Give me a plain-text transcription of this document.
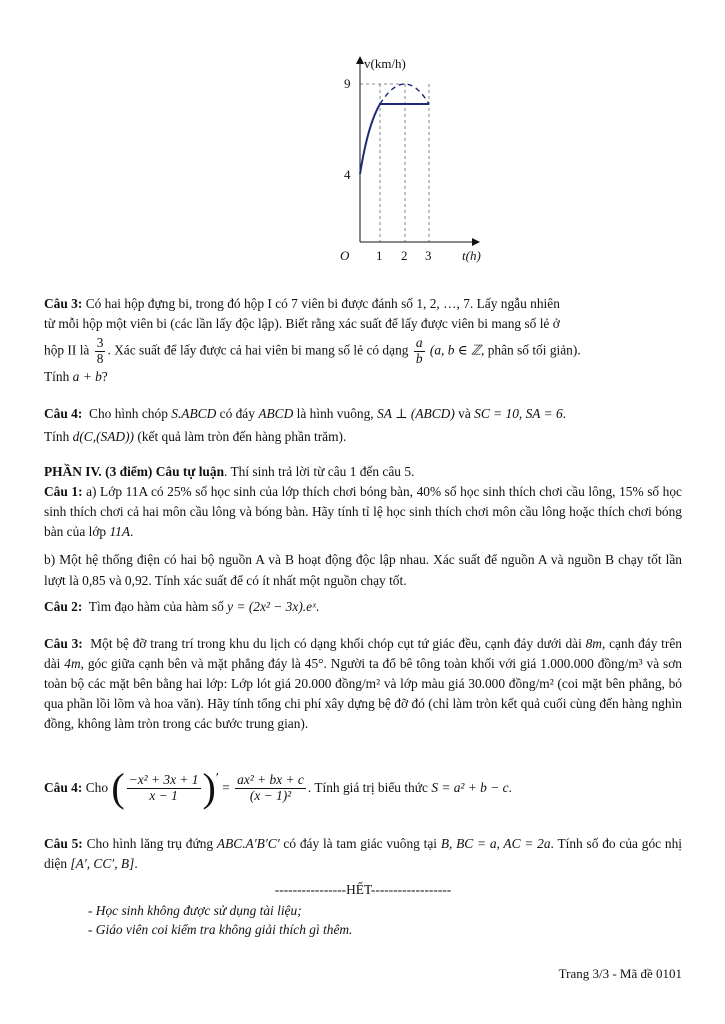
v(km/h)
9
4
O 1 2 3 t(h)

Câu 3: Có hai hộp đựng bi, trong đó hộp I có 7 viên bi được đánh số 1, 2, …, 7. Lấy ngẫu nhiên

từ mỗi hộp một viên bi (các lần lấy độc lập). Biết rằng xác suất để lấy được viên bi mang số lẻ ở

hộp II là $\frac{3}{8}$ . Xác suất để lấy được cả hai viên bi mang số lẻ có dạng $\frac{a}{b} (a$, b ∈ ℤ, phân số tối giản).

Tính a + b?

Câu 4: Cho hình chóp S.ABCD có đáy ABCD là hình vuông, SA ⊥ (ABCD) và SC = 10, SA = 6.

Tính d(C,(SAD)) (kết quả làm tròn đến hàng phần trăm).

PHẦN IV. (3 điểm) Câu tự luận. Thí sinh trả lời từ câu 1 đến câu 5.

Câu 1: a) Lớp 11A có 25% số học sinh của lớp thích chơi bóng bàn, 40% số học sinh thích chơi cầu lông, 15% số học sinh thích chơi cả hai môn cầu lông và bóng bàn. Hãy tính tỉ lệ học sinh thích chơi môn cầu lông hoặc thích chơi bóng bàn của lớp 11A.

b) Một hệ thống điện có hai bộ nguồn A và B hoạt động độc lập nhau. Xác suất để nguồn A và nguồn B chạy tốt lần lượt là 0,85 và 0,92. Tính xác suất để có ít nhất một nguồn chạy tốt.

Câu 2: Tìm đạo hàm của hàm số y = (2x² − 3x).eˣ.

Câu 3: Một bệ đỡ trang trí trong khu du lịch có dạng khối chóp cụt tứ giác đều, cạnh đáy dưới dài 8m, cạnh đáy trên dài 4m, góc giữa cạnh bên và mặt phẳng đáy là 45°. Người ta đổ bê tông toàn khối với giá 1.000.000 đồng/m³ và sơn toàn bộ các mặt bên bằng hai lớp: Lớp lót giá 20.000 đồng/m² và lớp màu giá 30.000 đồng/m² (coi mặt bên phẳng, bỏ qua phần lồi lõm và hoa văn). Hãy tính tổng chi phí xây dựng bệ đỡ đó (chỉ làm tròn kết quả cuối cùng đến hàng nghìn đồng, không làm tròn trong các bước trung gian).

Câu 4:
Cho
( $\frac{\text{−x² + 3x + 1}}{x - 1}$ ) ′

=
$\frac{\text{ax² + bx + c}}{\text{(x − 1)²}}$ . Tính giá trị biểu thức
S = a² + b − c .

Câu 5: Cho hình lăng trụ đứng ABC.A′B′C′ có đáy là tam giác vuông tại B, BC = a, AC = 2a. Tính số đo của góc nhị diện [A′, CC′, B].

----------------HẾT------------------
- Học sinh không được sử dụng tài liệu;
- Giáo viên coi kiểm tra không giải thích gì thêm.
Trang 3/3 - Mã đề 0101
